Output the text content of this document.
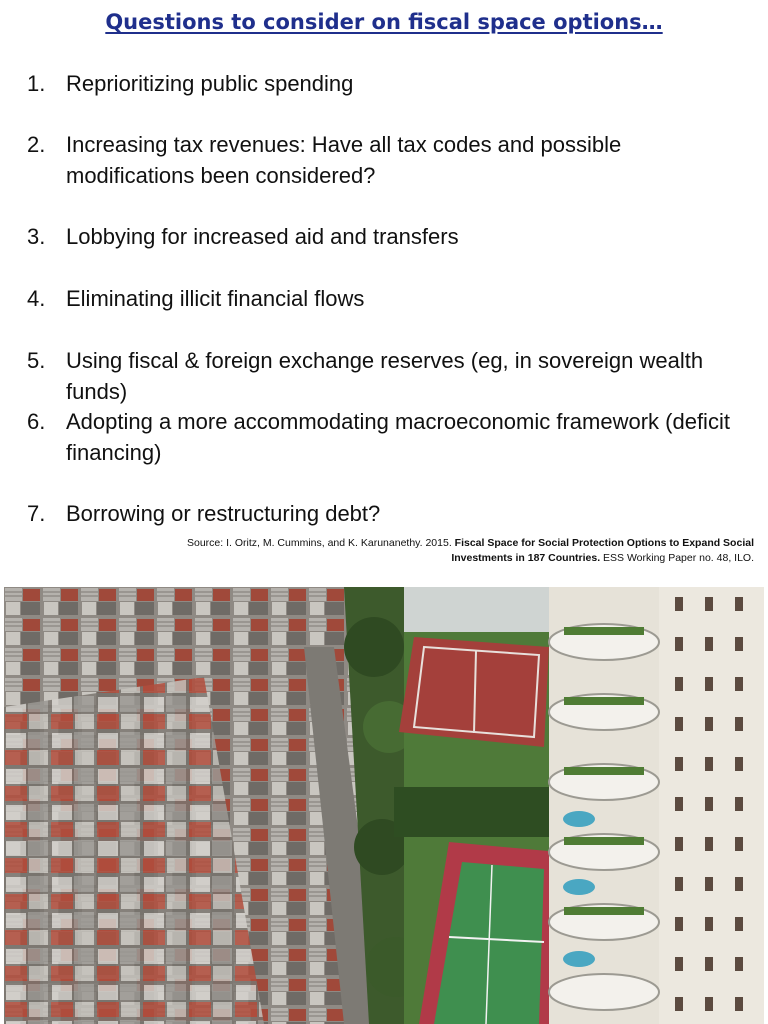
Questions to consider on fiscal space options…
1. Reprioritizing public spending
2. Increasing tax revenues: Have all tax codes and possible modifications been considered?
3. Lobbying for increased aid and transfers
4. Eliminating illicit financial flows
5. Using fiscal & foreign exchange reserves (eg, in sovereign wealth funds)
6. Adopting a more accommodating macroeconomic framework (deficit financing)
7. Borrowing or restructuring debt?
Source: I. Oritz, M. Cummins, and K. Karunanethy. 2015. Fiscal Space for Social Protection Options to Expand Social Investments in 187 Countries. ESS Working Paper no. 48, ILO.
